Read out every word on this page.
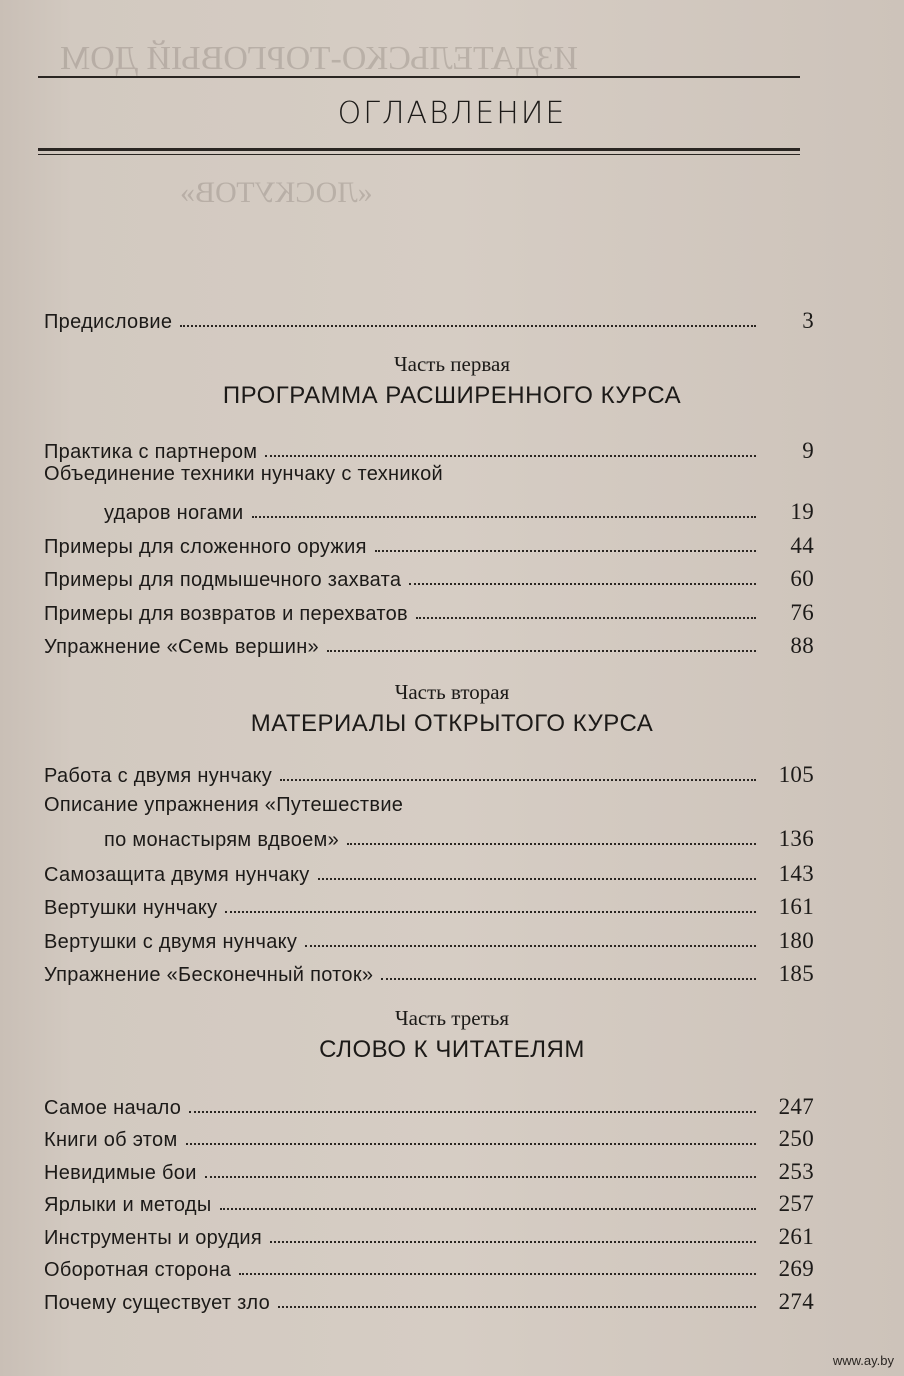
ИЗДАТЕЛЬСКО-ТОРГОВЫЙ ДОМ
«ЛОСКУТОВ»
ОГЛАВЛЕНИЕ
Предисловие	3
Часть первая
ПРОГРАММА РАСШИРЕННОГО КУРСА
Практика с партнером	9
Объединение техники нунчаку с техникой
ударов ногами	19
Примеры для сложенного оружия	44
Примеры для подмышечного захвата	60
Примеры для возвратов и перехватов	76
Упражнение «Семь вершин»	88
Часть вторая
МАТЕРИАЛЫ ОТКРЫТОГО КУРСА
Работа с двумя нунчаку	105
Описание упражнения «Путешествие
по монастырям вдвоем»	136
Самозащита двумя нунчаку	143
Вертушки нунчаку	161
Вертушки с двумя нунчаку	180
Упражнение «Бесконечный поток»	185
Часть третья
СЛОВО К ЧИТАТЕЛЯМ
Самое начало	247
Книги об этом	250
Невидимые бои	253
Ярлыки и методы	257
Инструменты и орудия	261
Оборотная сторона	269
Почему существует зло	274
www.ay.by
